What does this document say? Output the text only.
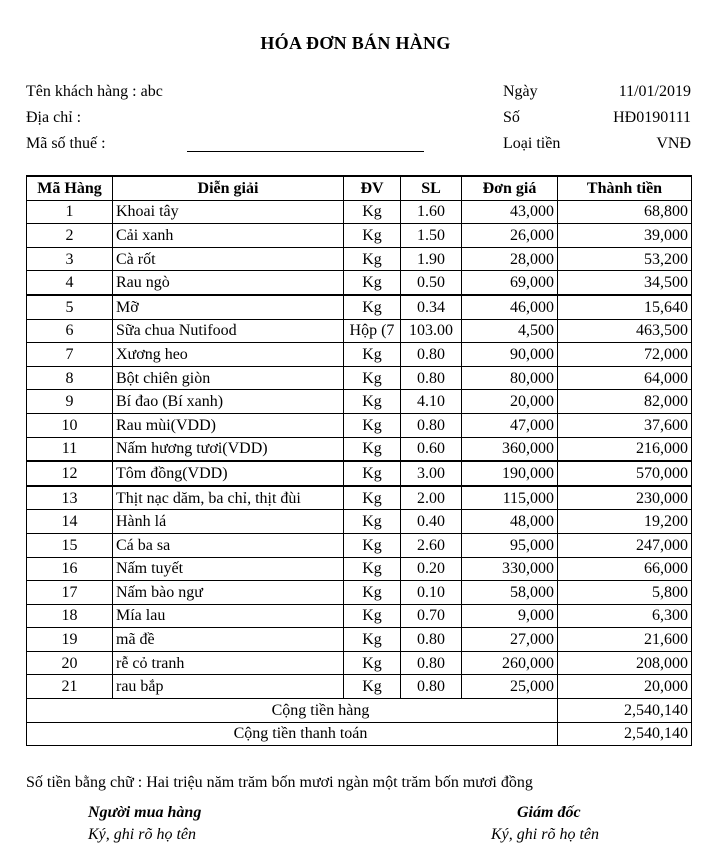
HÓA ĐƠN BÁN HÀNG
Tên khách hàng : abc
Địa chỉ :
Mã số thuế :
Ngày	11/01/2019
Số	HĐ0190111
Loại tiền	VNĐ
Mã Hàng	Diễn giải	ĐV	SL	Đơn giá	Thành tiền
1	Khoai tây	Kg	1.60	43,000	68,800
2	Cải xanh	Kg	1.50	26,000	39,000
3	Cà rốt	Kg	1.90	28,000	53,200
4	Rau ngò	Kg	0.50	69,000	34,500
5	Mỡ	Kg	0.34	46,000	15,640
6	Sữa chua Nutifood	Hộp (7	103.00	4,500	463,500
7	Xương heo	Kg	0.80	90,000	72,000
8	Bột chiên giòn	Kg	0.80	80,000	64,000
9	Bí đao (Bí xanh)	Kg	4.10	20,000	82,000
10	Rau mùi(VDD)	Kg	0.80	47,000	37,600
11	Nấm hương tươi(VDD)	Kg	0.60	360,000	216,000
12	Tôm đồng(VDD)	Kg	3.00	190,000	570,000
13	Thịt nạc dăm, ba chỉ, thịt đùi	Kg	2.00	115,000	230,000
14	Hành lá	Kg	0.40	48,000	19,200
15	Cá ba sa	Kg	2.60	95,000	247,000
16	Nấm tuyết	Kg	0.20	330,000	66,000
17	Nấm bào ngư	Kg	0.10	58,000	5,800
18	Mía lau	Kg	0.70	9,000	6,300
19	mã đề	Kg	0.80	27,000	21,600
20	rễ cỏ tranh	Kg	0.80	260,000	208,000
21	rau bắp	Kg	0.80	25,000	20,000
Cộng tiền hàng					2,540,140
Cộng tiền thanh toán					2,540,140
Số tiền bằng chữ : Hai triệu năm trăm bốn mươi ngàn một trăm bốn mươi đồng
Người mua hàng
Ký, ghi rõ họ tên
Giám đốc
Ký, ghi rõ họ tên
